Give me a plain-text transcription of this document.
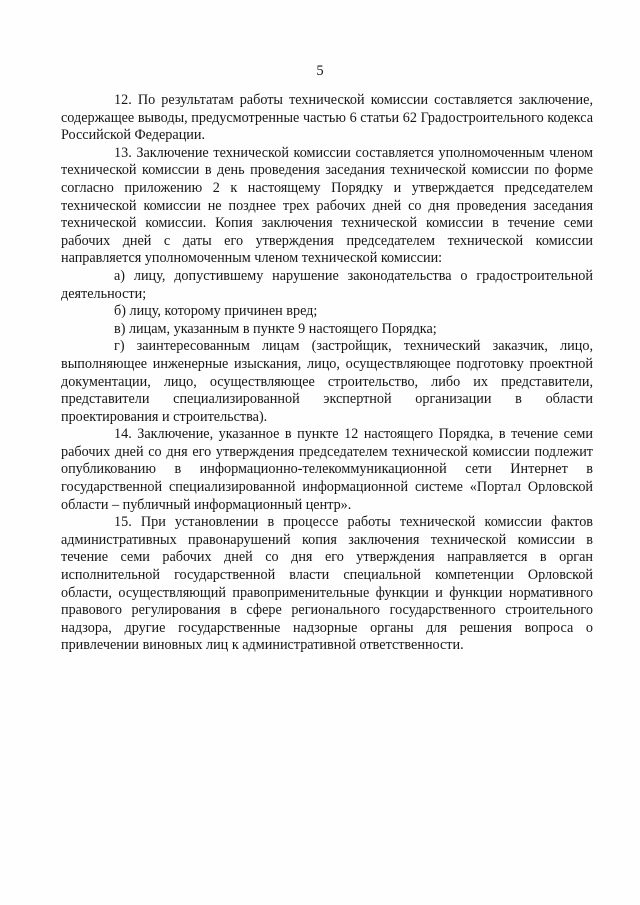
5

12. По результатам работы технической комиссии составляется заключение, содержащее выводы, предусмотренные частью 6 статьи 62 Градостроительного кодекса Российской Федерации.

13. Заключение технической комиссии составляется уполномоченным членом технической комиссии в день проведения заседания технической комиссии по форме согласно приложению 2 к настоящему Порядку и утверждается председателем технической комиссии не позднее трех рабочих дней со дня проведения заседания технической комиссии. Копия заключения технической комиссии в течение семи рабочих дней с даты его утверждения председателем технической комиссии направляется уполномоченным членом технической комиссии:

а) лицу, допустившему нарушение законодательства о градостроительной деятельности;

б) лицу, которому причинен вред;

в) лицам, указанным в пункте 9 настоящего Порядка;

г) заинтересованным лицам (застройщик, технический заказчик, лицо, выполняющее инженерные изыскания, лицо, осуществляющее подготовку проектной документации, лицо, осуществляющее строительство, либо их представители, представители специализированной экспертной организации в области проектирования и строительства).

14. Заключение, указанное в пункте 12 настоящего Порядка, в течение семи рабочих дней со дня его утверждения председателем технической комиссии подлежит опубликованию в информационно-телекоммуникационной сети Интернет в государственной специализированной информационной системе «Портал Орловской области – публичный информационный центр».

15. При установлении в процессе работы технической комиссии фактов административных правонарушений копия заключения технической комиссии в течение семи рабочих дней со дня его утверждения направляется в орган исполнительной государственной власти специальной компетенции Орловской области, осуществляющий правоприменительные функции и функции нормативного правового регулирования в сфере регионального государственного строительного надзора, другие государственные надзорные органы для решения вопроса о привлечении виновных лиц к административной ответственности.
